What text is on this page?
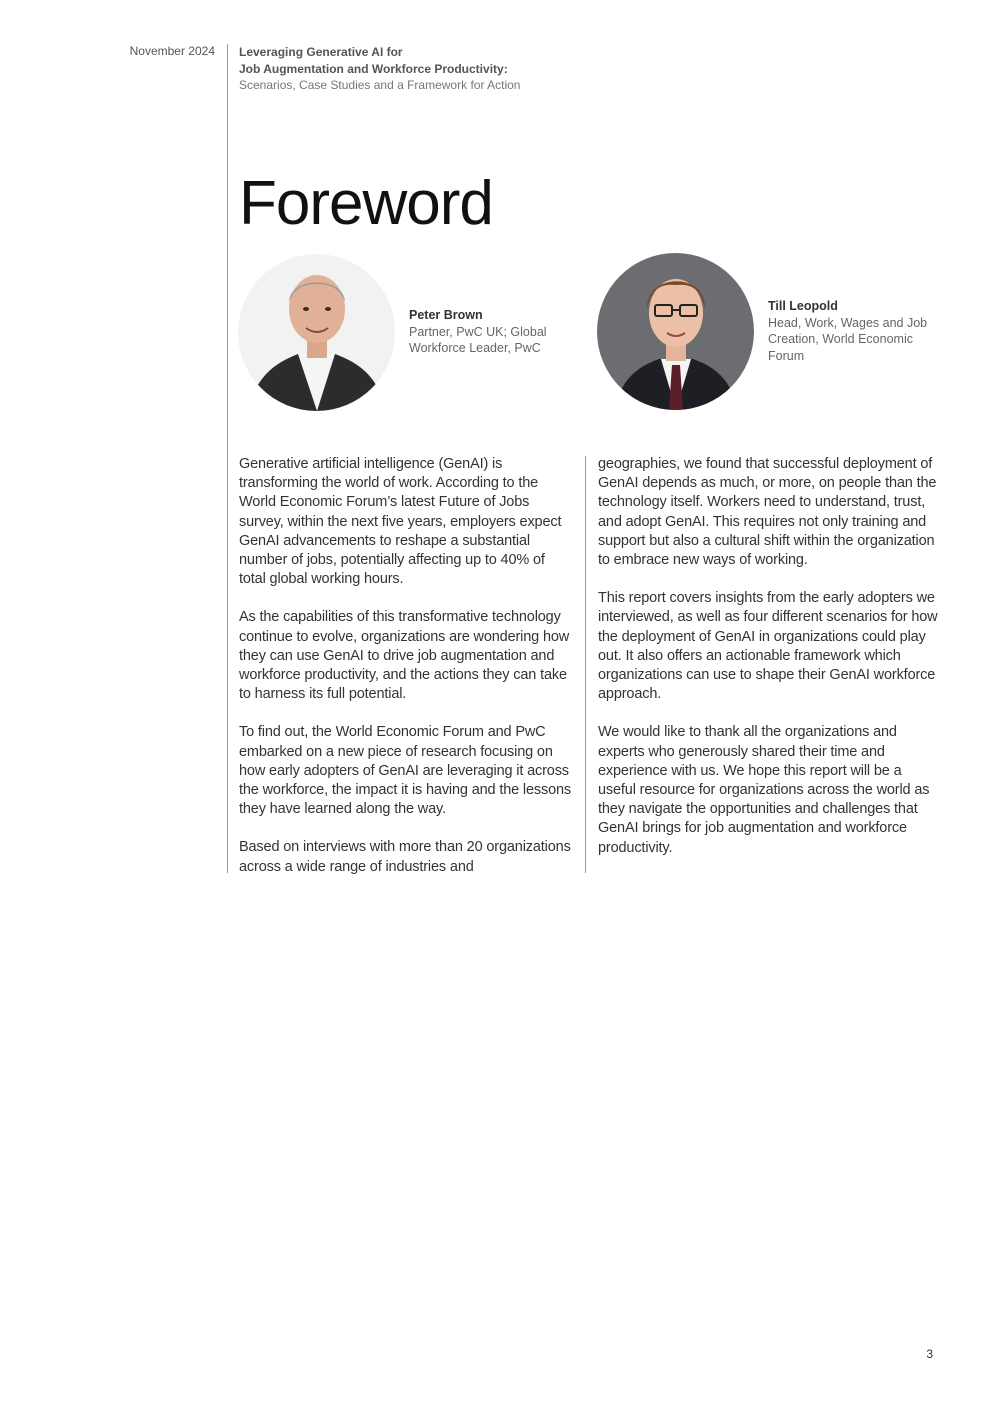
November 2024 Leveraging Generative AI for
Job Augmentation and Workforce Productivity:
Scenarios, Case Studies and a Framework for Action
Foreword
Peter Brown
Partner, PwC UK; Global Workforce Leader, PwC
Till Leopold
Head, Work, Wages and Job Creation, World Economic Forum

Generative artificial intelligence (GenAI) is transforming the world of work. According to the World Economic Forum’s latest Future of Jobs survey, within the next five years, employers expect GenAI advancements to reshape a substantial number of jobs, potentially affecting up to 40% of total global working hours.

As the capabilities of this transformative technology continue to evolve, organizations are wondering how they can use GenAI to drive job augmentation and workforce productivity, and the actions they can take to harness its full potential.

To find out, the World Economic Forum and PwC embarked on a new piece of research focusing on how early adopters of GenAI are leveraging it across the workforce, the impact it is having and the lessons they have learned along the way.

Based on interviews with more than 20 organizations across a wide range of industries and

geographies, we found that successful deployment of GenAI depends as much, or more, on people than the technology itself. Workers need to understand, trust, and adopt GenAI. This requires not only training and support but also a cultural shift within the organization to embrace new ways of working.

This report covers insights from the early adopters we interviewed, as well as four different scenarios for how the deployment of GenAI in organizations could play out. It also offers an actionable framework which organizations can use to shape their GenAI workforce approach.

We would like to thank all the organizations and experts who generously shared their time and experience with us. We hope this report will be a useful resource for organizations across the world as they navigate the opportunities and challenges that GenAI brings for job augmentation and workforce productivity.

3
